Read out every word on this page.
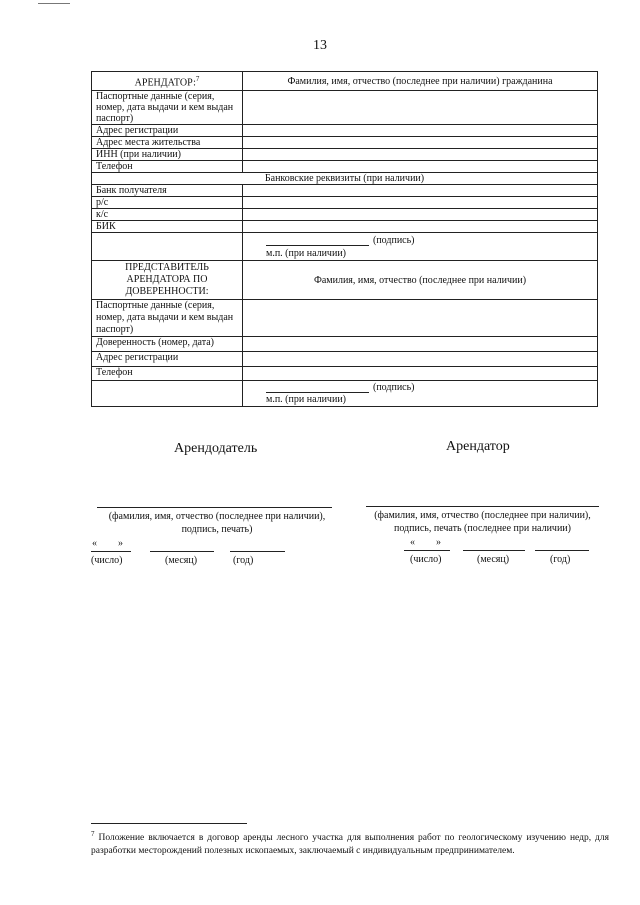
13
АРЕНДАТОР:$^7$	Фамилия, имя, отчество (последнее при наличии) гражданина
Паспортные данные (серия, номер, дата выдачи и кем выдан паспорт)	
Адрес регистрации	
Адрес места жительства	
ИНН (при наличии)	
Телефон	
Банковские реквизиты (при наличии)	
Банк получателя	
р/с	
к/с	
БИК	

	(подпись)
м.п. (при наличии)

ПРЕДСТАВИТЕЛЬ АРЕНДАТОРА ПО ДОВЕРЕННОСТИ:	Фамилия, имя, отчество (последнее при наличии)
Паспортные данные (серия, номер, дата выдачи и кем выдан паспорт)	
Доверенность (номер, дата)	
Адрес регистрации	
Телефон	

	(подпись)
м.п. (при наличии)
Арендодатель
(фамилия, имя, отчество (последнее при наличии),
подпись, печать)
« »
(число)	(месяц)	(год)
Арендатор
(фамилия, имя, отчество (последнее при наличии),
подпись, печать (последнее при наличии)
« »
(число)	(месяц)	(год)
$^7$ Положение включается в договор аренды лесного участка для выполнения работ по геологическому изучению недр, для разработки месторождений полезных ископаемых, заключаемый с индивидуальным предпринимателем.
